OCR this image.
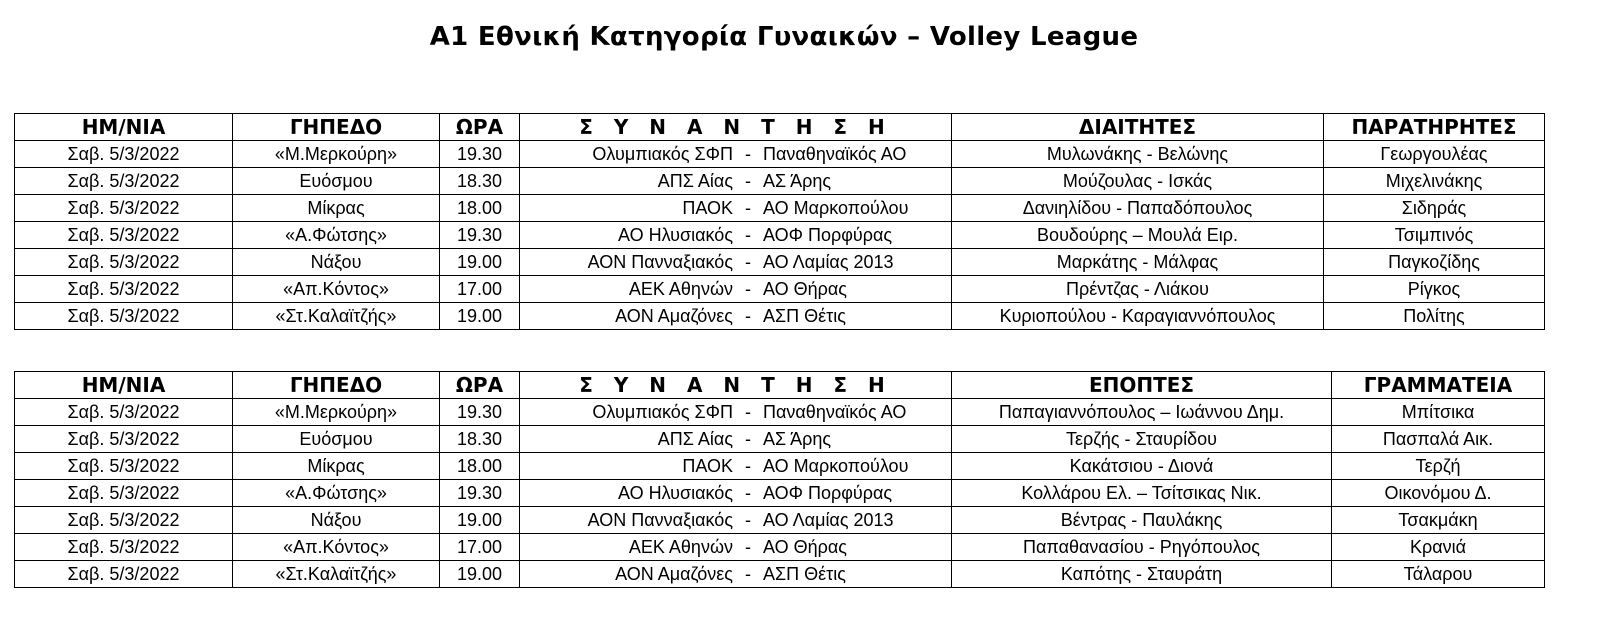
Α1 Εθνική Κατηγορία Γυναικών – Volley League
ΗΜ/ΝΙΑ	ΓΗΠΕΔΟ	ΩΡΑ	Σ Υ Ν Α Ν Τ Η Σ Η	ΔΙΑΙΤΗΤΕΣ	ΠΑΡΑΤΗΡΗΤΕΣ
Σαβ. 5/3/2022	«Μ.Μερκούρη»	19.30	Ολυμπιακός ΣΦΠ - Παναθηναϊκός ΑΟ	Μυλωνάκης - Βελώνης	Γεωργουλέας
Σαβ. 5/3/2022	Ευόσμου	18.30	ΑΠΣ Αίας - ΑΣ Άρης	Μούζουλας - Ισκάς	Μιχελινάκης
Σαβ. 5/3/2022	Μίκρας	18.00	ΠΑΟΚ - ΑΟ Μαρκοπούλου	Δανιηλίδου - Παπαδόπουλος	Σιδηράς
Σαβ. 5/3/2022	«Α.Φώτσης»	19.30	ΑΟ Ηλυσιακός - ΑΟΦ Πορφύρας	Βουδούρης – Μουλά Ειρ.	Τσιμπινός
Σαβ. 5/3/2022	Νάξου	19.00	ΑΟΝ Πανναξιακός - ΑΟ Λαμίας 2013	Μαρκάτης - Μάλφας	Παγκοζίδης
Σαβ. 5/3/2022	«Απ.Κόντος»	17.00	ΑΕΚ Αθηνών - ΑΟ Θήρας	Πρέντζας - Λιάκου	Ρίγκος
Σαβ. 5/3/2022	«Στ.Καλαϊτζής»	19.00	ΑΟΝ Αμαζόνες - ΑΣΠ Θέτις	Κυριοπούλου - Καραγιαννόπουλος	Πολίτης
ΗΜ/ΝΙΑ	ΓΗΠΕΔΟ	ΩΡΑ	Σ Υ Ν Α Ν Τ Η Σ Η	ΕΠΟΠΤΕΣ	ΓΡΑΜΜΑΤΕΙΑ
Σαβ. 5/3/2022	«Μ.Μερκούρη»	19.30	Ολυμπιακός ΣΦΠ - Παναθηναϊκός ΑΟ	Παπαγιαννόπουλος – Ιωάννου Δημ.	Μπίτσικα
Σαβ. 5/3/2022	Ευόσμου	18.30	ΑΠΣ Αίας - ΑΣ Άρης	Τερζής - Σταυρίδου	Πασπαλά Αικ.
Σαβ. 5/3/2022	Μίκρας	18.00	ΠΑΟΚ - ΑΟ Μαρκοπούλου	Κακάτσιου - Διονά	Τερζή
Σαβ. 5/3/2022	«Α.Φώτσης»	19.30	ΑΟ Ηλυσιακός - ΑΟΦ Πορφύρας	Κολλάρου Ελ. – Τσίτσικας Νικ.	Οικονόμου Δ.
Σαβ. 5/3/2022	Νάξου	19.00	ΑΟΝ Πανναξιακός - ΑΟ Λαμίας 2013	Βέντρας - Παυλάκης	Τσακμάκη
Σαβ. 5/3/2022	«Απ.Κόντος»	17.00	ΑΕΚ Αθηνών - ΑΟ Θήρας	Παπαθανασίου - Ρηγόπουλος	Κρανιά
Σαβ. 5/3/2022	«Στ.Καλαϊτζής»	19.00	ΑΟΝ Αμαζόνες - ΑΣΠ Θέτις	Καπότης - Σταυράτη	Τάλαρου
